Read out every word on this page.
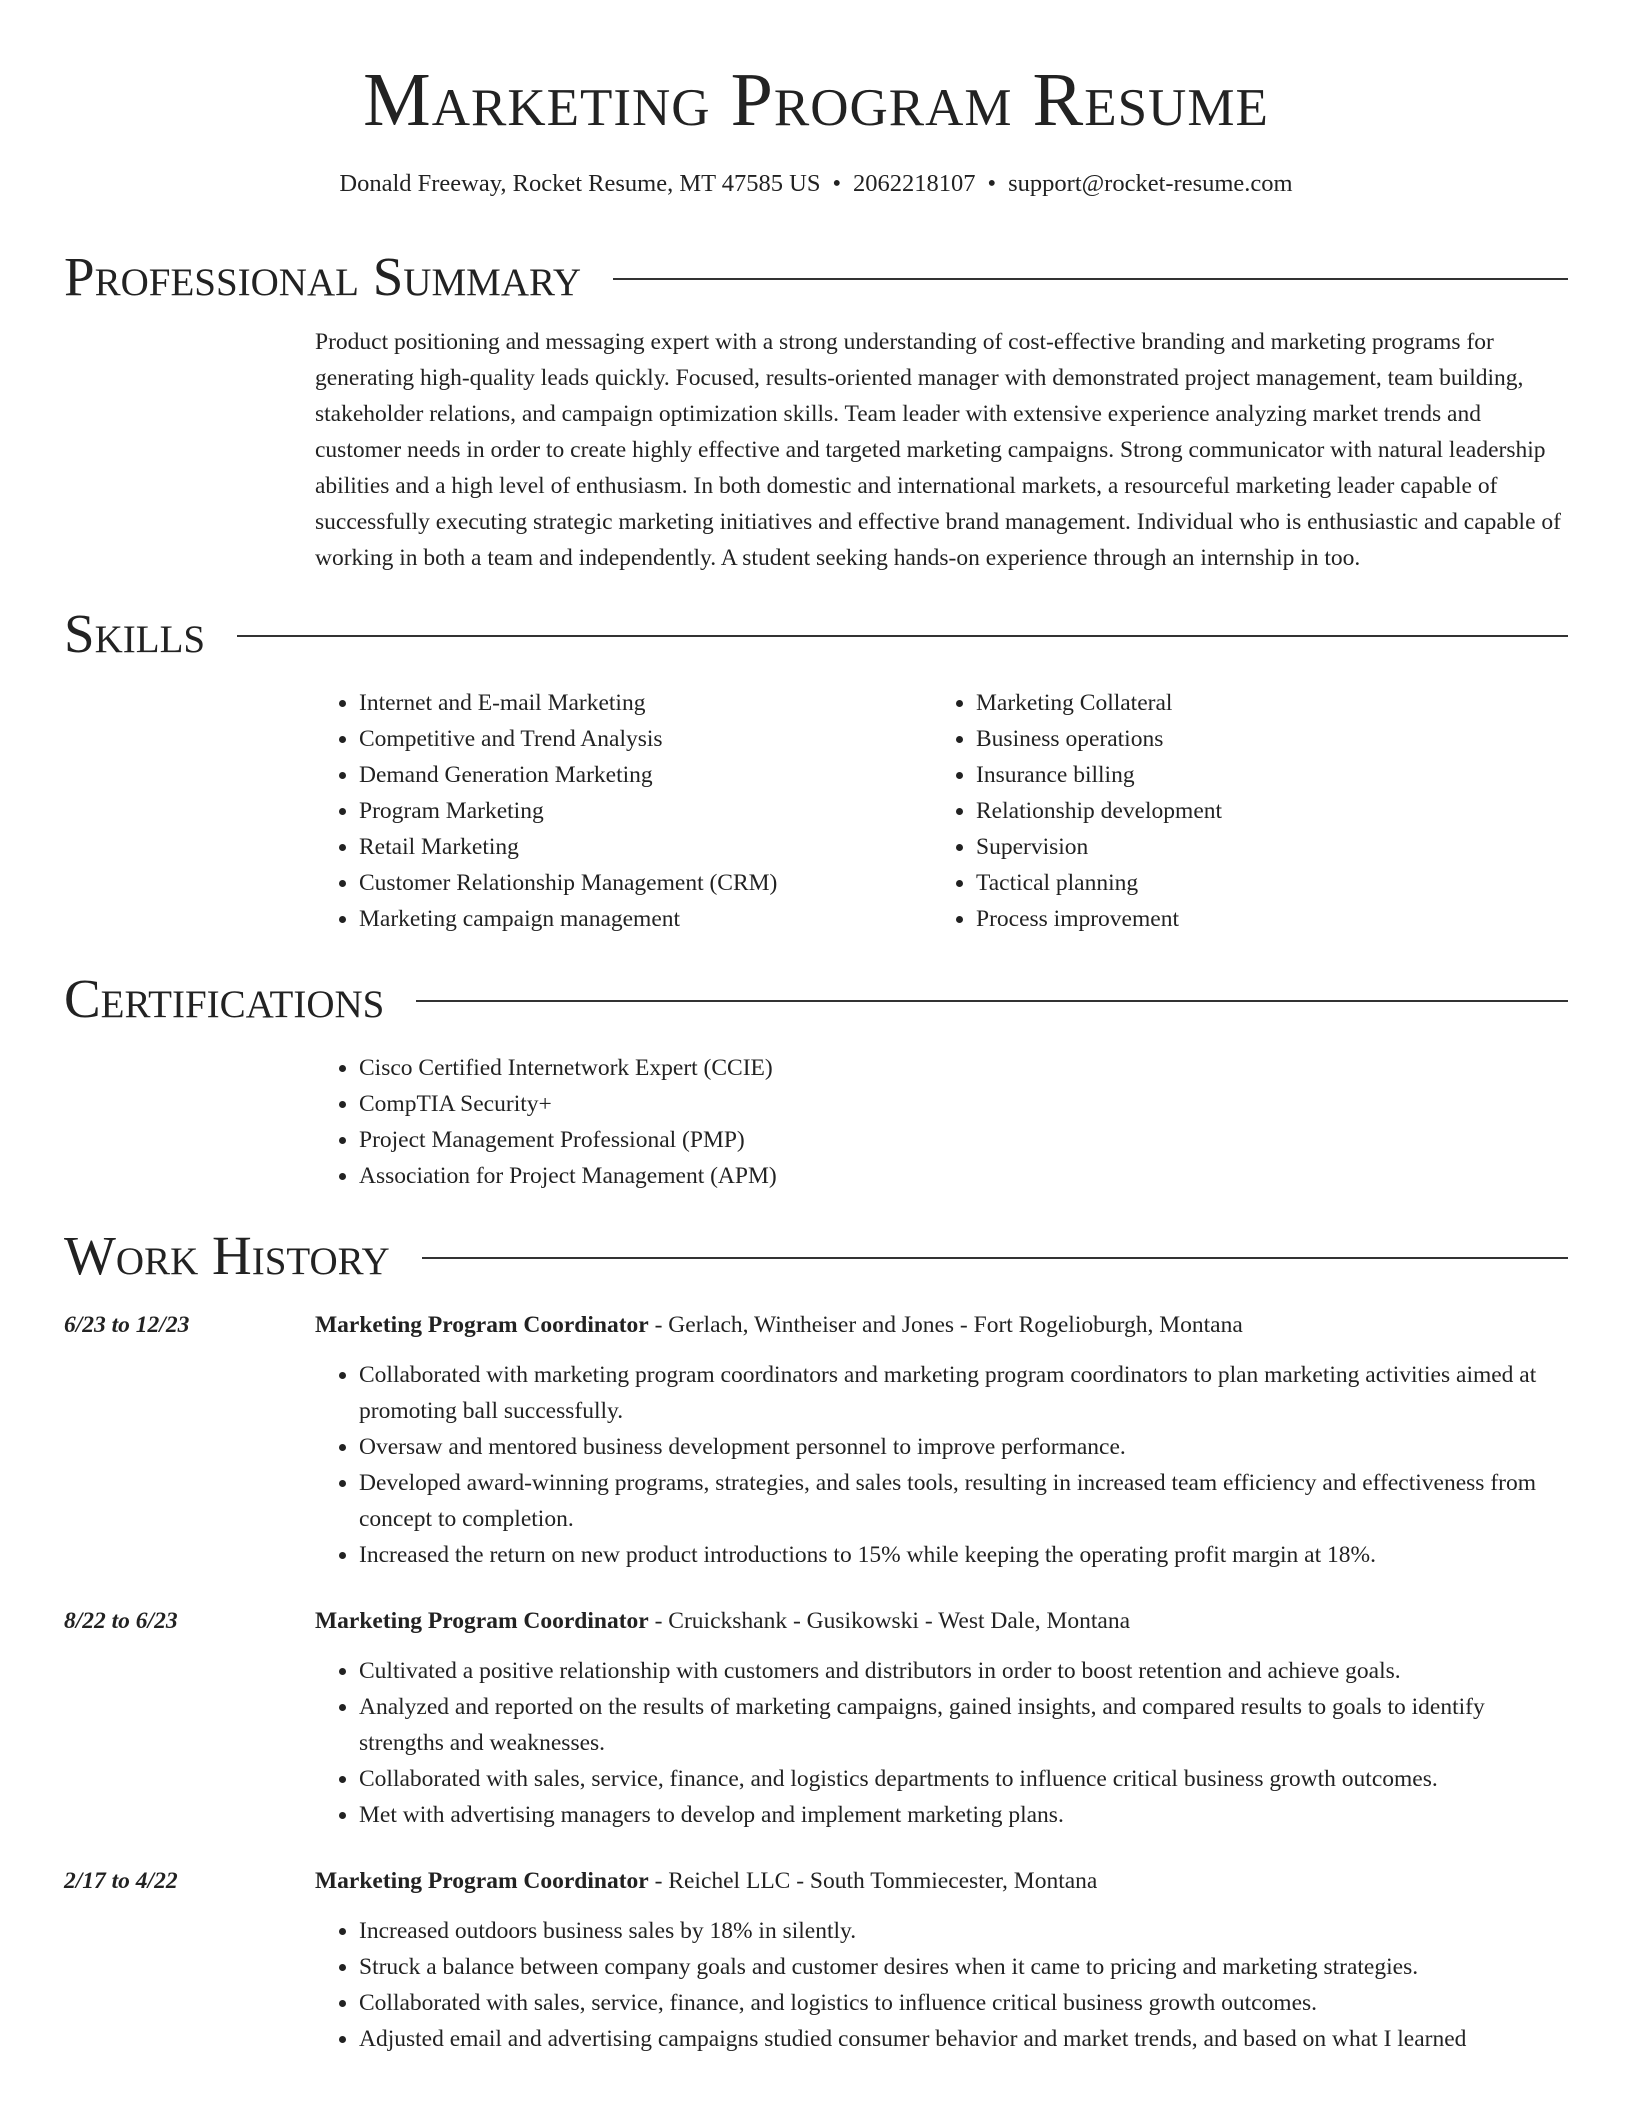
Marketing Program Resume
Donald Freeway, Rocket Resume, MT 47585 US • 2062218107 • support@rocket-resume.com
Professional Summary
Product positioning and messaging expert with a strong understanding of cost-effective branding and marketing programs for generating high-quality leads quickly. Focused, results-oriented manager with demonstrated project management, team building, stakeholder relations, and campaign optimization skills. Team leader with extensive experience analyzing market trends and customer needs in order to create highly effective and targeted marketing campaigns. Strong communicator with natural leadership abilities and a high level of enthusiasm. In both domestic and international markets, a resourceful marketing leader capable of successfully executing strategic marketing initiatives and effective brand management. Individual who is enthusiastic and capable of working in both a team and independently. A student seeking hands-on experience through an internship in too.
Skills
• Internet and E-mail Marketing
• Competitive and Trend Analysis
• Demand Generation Marketing
• Program Marketing
• Retail Marketing
• Customer Relationship Management (CRM)
• Marketing campaign management
• Marketing Collateral
• Business operations
• Insurance billing
• Relationship development
• Supervision
• Tactical planning
• Process improvement
Certifications
• Cisco Certified Internetwork Expert (CCIE)
• CompTIA Security+
• Project Management Professional (PMP)
• Association for Project Management (APM)
Work History
6/23 to 12/23	Marketing Program Coordinator - Gerlach, Wintheiser and Jones - Fort Rogelioburgh, Montana
• Collaborated with marketing program coordinators and marketing program coordinators to plan marketing activities aimed at promoting ball successfully.
• Oversaw and mentored business development personnel to improve performance.
• Developed award-winning programs, strategies, and sales tools, resulting in increased team efficiency and effectiveness from concept to completion.
• Increased the return on new product introductions to 15% while keeping the operating profit margin at 18%.
8/22 to 6/23	Marketing Program Coordinator - Cruickshank - Gusikowski - West Dale, Montana
• Cultivated a positive relationship with customers and distributors in order to boost retention and achieve goals.
• Analyzed and reported on the results of marketing campaigns, gained insights, and compared results to goals to identify strengths and weaknesses.
• Collaborated with sales, service, finance, and logistics departments to influence critical business growth outcomes.
• Met with advertising managers to develop and implement marketing plans.
2/17 to 4/22	Marketing Program Coordinator - Reichel LLC - South Tommiecester, Montana
• Increased outdoors business sales by 18% in silently.
• Struck a balance between company goals and customer desires when it came to pricing and marketing strategies.
• Collaborated with sales, service, finance, and logistics to influence critical business growth outcomes.
• Adjusted email and advertising campaigns studied consumer behavior and market trends, and based on what I learned
